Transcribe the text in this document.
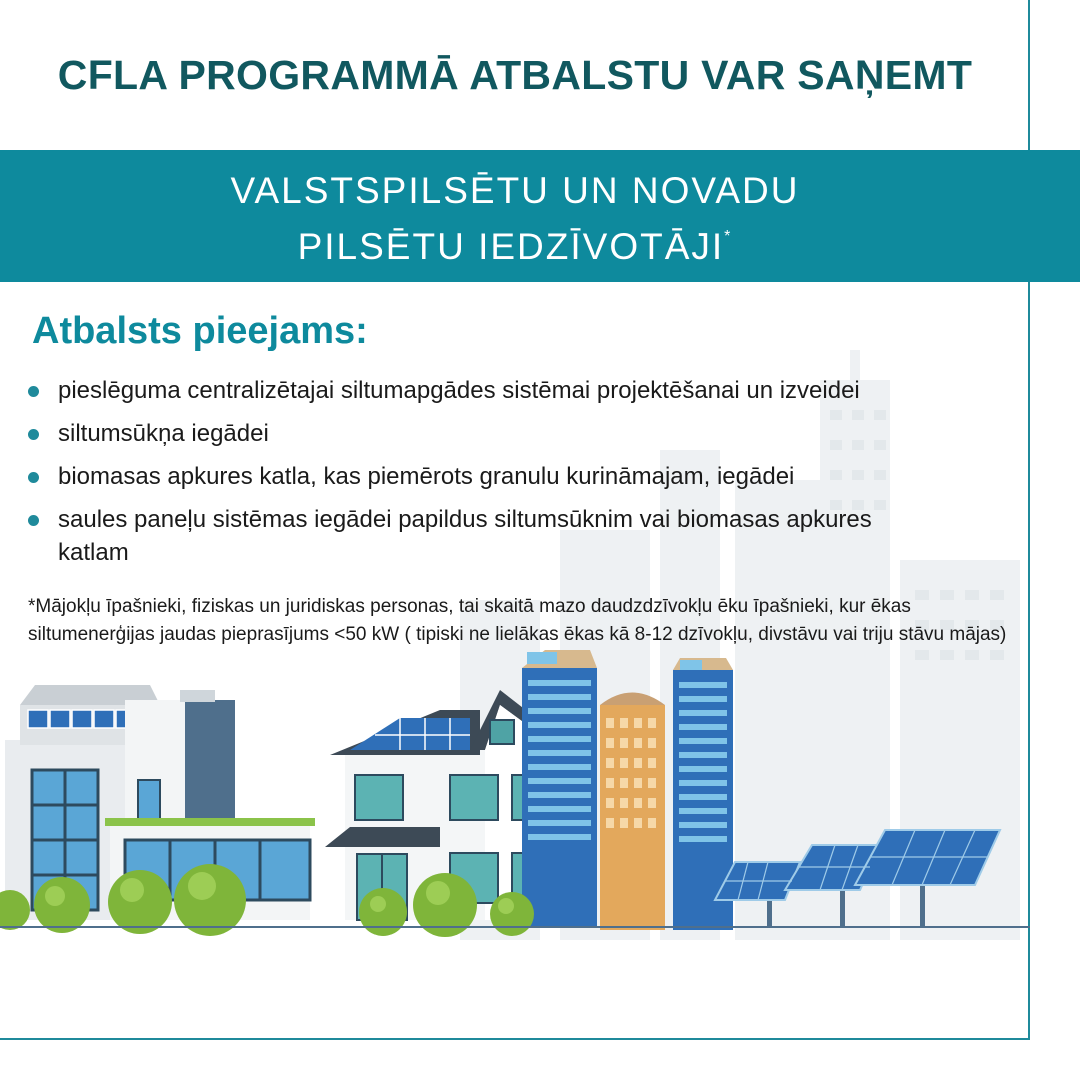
CFLA PROGRAMMĀ ATBALSTU VAR SAŅEMT
VALSTSPILSĒTU UN NOVADU
PILSĒTU IEDZĪVOTĀJI*
Atbalsts pieejams:
pieslēguma centralizētajai siltumapgādes sistēmai projektēšanai un izveidei
siltumsūkņa iegādei
biomasas apkures katla, kas piemērots granulu kurināmajam, iegādei
saules paneļu sistēmas iegādei papildus siltumsūknim vai biomasas apkures katlam
*Mājokļu īpašnieki, fiziskas un juridiskas personas, tai skaitā mazo daudzdzīvokļu ēku īpašnieki, kur ēkas siltumenerģijas jaudas pieprasījums <50 kW ( tipiski ne lielākas ēkas kā 8-12 dzīvokļu, divstāvu vai triju stāvu mājas)
